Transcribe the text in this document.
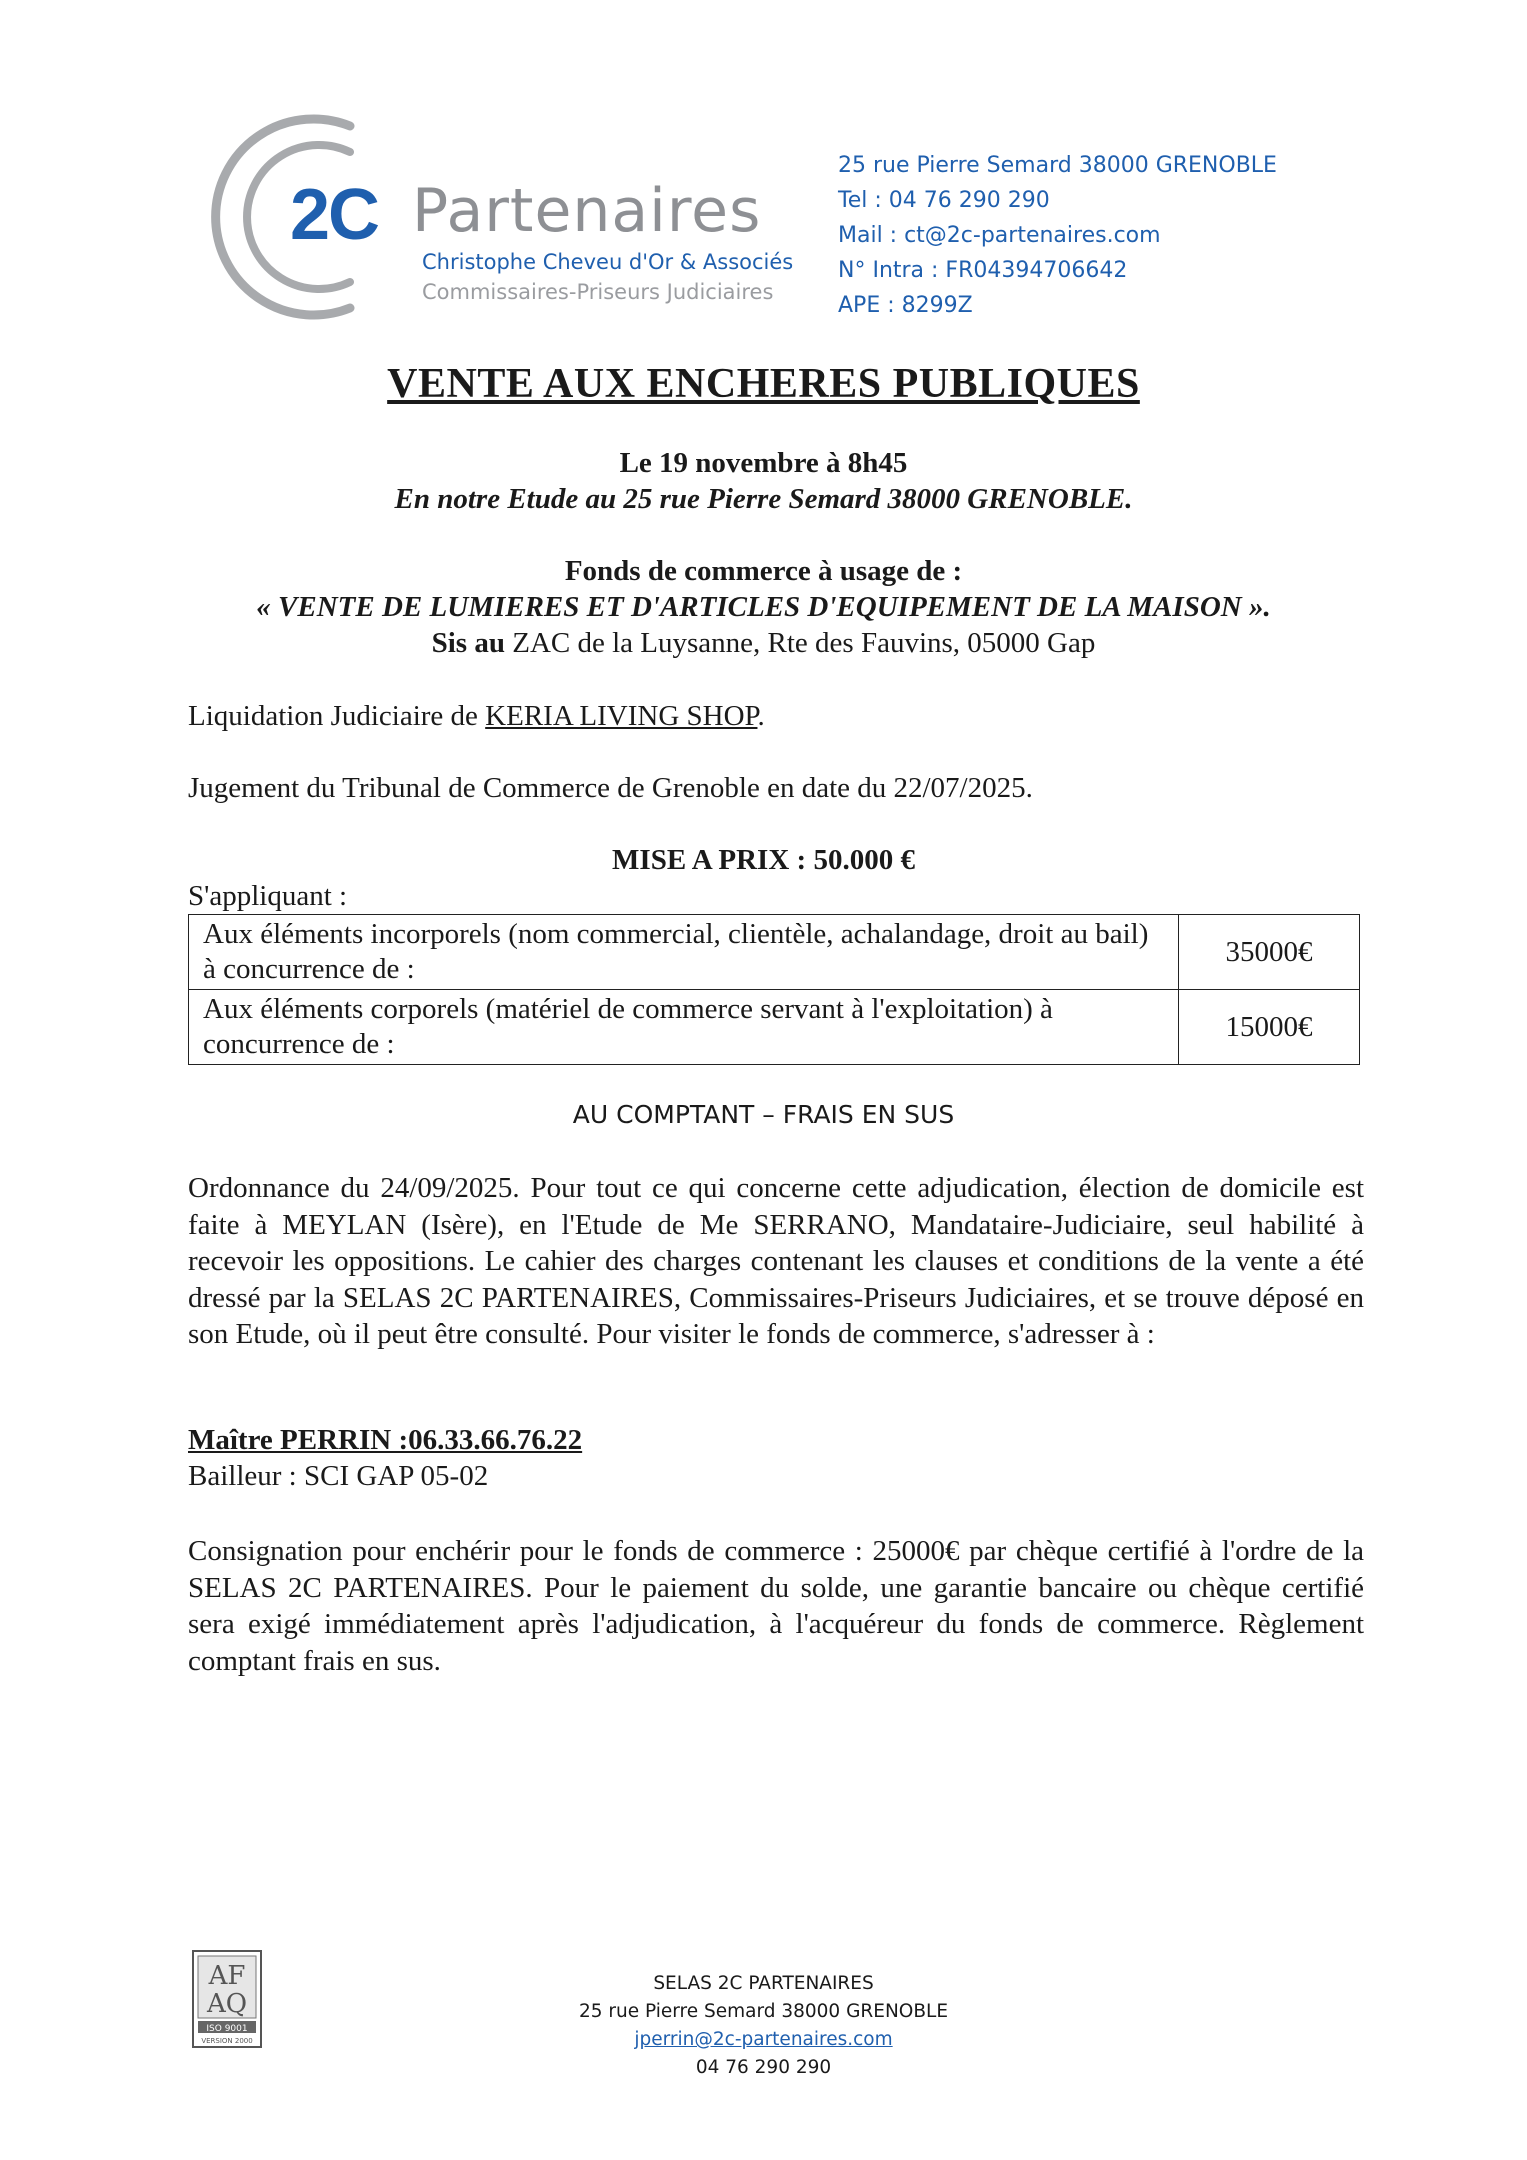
2C Partenaires
Christophe Cheveu d'Or & Associés
Commissaires-Priseurs Judiciaires
25 rue Pierre Semard 38000 GRENOBLE
Tel : 04 76 290 290
Mail : ct@2c-partenaires.com
N° Intra : FR04394706642
APE : 8299Z
VENTE AUX ENCHERES PUBLIQUES
Le 19 novembre à 8h45
En notre Etude au 25 rue Pierre Semard 38000 GRENOBLE.
Fonds de commerce à usage de :
« VENTE DE LUMIERES ET D'ARTICLES D'EQUIPEMENT DE LA MAISON ».
Sis au ZAC de la Luysanne, Rte des Fauvins, 05000 Gap
Liquidation Judiciaire de KERIA LIVING SHOP.
Jugement du Tribunal de Commerce de Grenoble en date du 22/07/2025.
MISE A PRIX : 50.000 €
S'appliquant :
Aux éléments incorporels (nom commercial, clientèle, achalandage, droit au bail) à concurrence de :	35000€
Aux éléments corporels (matériel de commerce servant à l'exploitation) à concurrence de :	15000€
AU COMPTANT – FRAIS EN SUS
Ordonnance du 24/09/2025. Pour tout ce qui concerne cette adjudication, élection de domicile est faite à MEYLAN (Isère), en l'Etude de Me SERRANO, Mandataire-Judiciaire, seul habilité à recevoir les oppositions. Le cahier des charges contenant les clauses et conditions de la vente a été dressé par la SELAS 2C PARTENAIRES, Commissaires-Priseurs Judiciaires, et se trouve déposé en son Etude, où il peut être consulté. Pour visiter le fonds de commerce, s'adresser à :
Maître PERRIN :06.33.66.76.22
Bailleur : SCI GAP 05-02
Consignation pour enchérir pour le fonds de commerce : 25000€ par chèque certifié à l'ordre de la SELAS 2C PARTENAIRES. Pour le paiement du solde, une garantie bancaire ou chèque certifié sera exigé immédiatement après l'adjudication, à l'acquéreur du fonds de commerce. Règlement comptant frais en sus.
AF
AQ
ISO 9001
VERSION 2000
SELAS 2C PARTENAIRES
25 rue Pierre Semard 38000 GRENOBLE
jperrin@2c-partenaires.com
04 76 290 290
